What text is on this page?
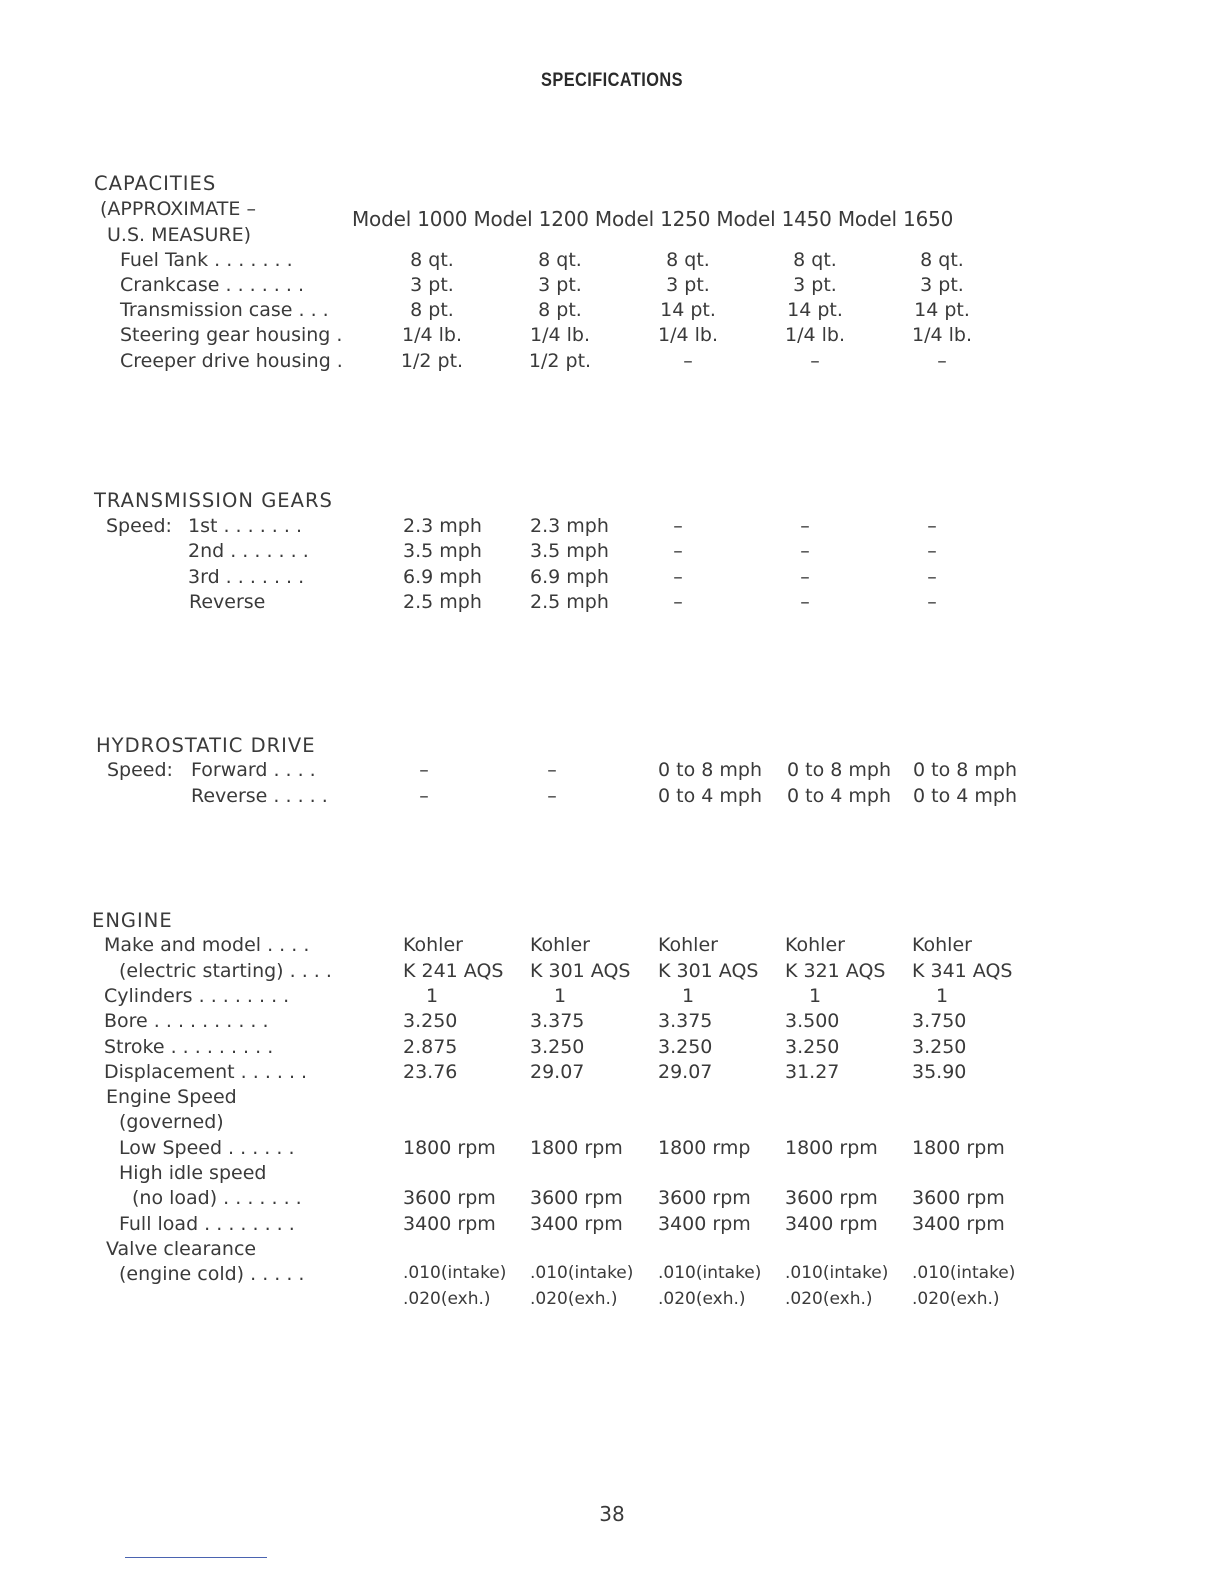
SPECIFICATIONS
CAPACITIES
(APPROXIMATE –
U.S. MEASURE)
Model 1000 Model 1200 Model 1250 Model 1450 Model 1650
Fuel Tank . . . . . . .	8 qt.	8 qt.	8 qt.	8 qt.	8 qt.
Crankcase . . . . . . .	3 pt.	3 pt.	3 pt.	3 pt.	3 pt.
Transmission case . . .	8 pt.	8 pt.	14 pt.	14 pt.	14 pt.
Steering gear housing .	1/4 lb.	1/4 lb.	1/4 lb.	1/4 lb.	1/4 lb.
Creeper drive housing .	1/2 pt.	1/2 pt.	–	–	–
TRANSMISSION GEARS
Speed: 1st . . . . . . .	2.3 mph	2.3 mph	–	–	–
2nd . . . . . . .	3.5 mph	3.5 mph	–	–	–
3rd . . . . . . .	6.9 mph	6.9 mph	–	–	–
Reverse	2.5 mph	2.5 mph	–	–	–
HYDROSTATIC DRIVE
Speed: Forward . . . .	–	–	0 to 8 mph 0 to 8 mph 0 to 8 mph
Reverse . . . . .	–	–	0 to 4 mph 0 to 4 mph 0 to 4 mph
ENGINE
Make and model . . . .	Kohler	Kohler	Kohler	Kohler	Kohler
(electric starting) . . . .	K 241 AQS K 301 AQS K 301 AQS K 321 AQS K 341 AQS
Cylinders . . . . . . . .	1	1	1	1	1
Bore . . . . . . . . . .	3.250	3.375	3.375	3.500	3.750
Stroke . . . . . . . . .	2.875	3.250	3.250	3.250	3.250
Displacement . . . . . .	23.76	29.07	29.07	31.27	35.90
Engine Speed
(governed)
Low Speed . . . . . .	1800 rpm 1800 rpm 1800 rmp 1800 rpm 1800 rpm
High idle speed
(no load) . . . . . . .	3600 rpm 3600 rpm 3600 rpm 3600 rpm 3600 rpm
Full load . . . . . . . .	3400 rpm 3400 rpm 3400 rpm 3400 rpm 3400 rpm
Valve clearance
(engine cold) . . . . .	.010(intake) .010(intake) .010(intake) .010(intake) .010(intake)
.020(exh.) .020(exh.) .020(exh.) .020(exh.) .020(exh.)
38
